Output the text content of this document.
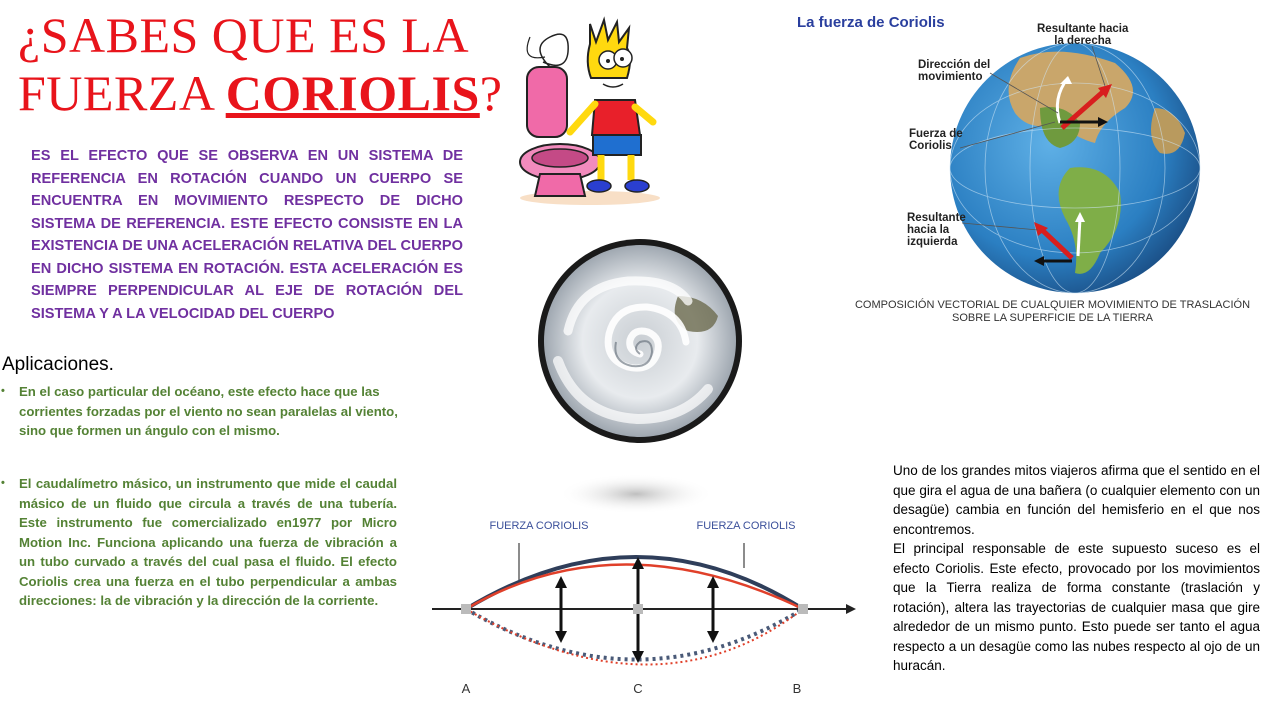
¿SABES QUE ES LA
FUERZA CORIOLIS?
ES EL EFECTO QUE SE OBSERVA EN UN SISTEMA DE REFERENCIA EN ROTACIÓN CUANDO UN CUERPO SE ENCUENTRA EN MOVIMIENTO RESPECTO DE DICHO SISTEMA DE REFERENCIA. ESTE EFECTO CONSISTE EN LA EXISTENCIA DE UNA ACELERACIÓN RELATIVA DEL CUERPO EN DICHO SISTEMA EN ROTACIÓN. ESTA ACELERACIÓN ES SIEMPRE PERPENDICULAR AL EJE DE ROTACIÓN DEL SISTEMA Y A LA VELOCIDAD DEL CUERPO
La fuerza de Coriolis	Resultante hacia
la derecha
Dirección del
movimiento
Fuerza de
Coriolis
Resultante
hacia la
izquierda
COMPOSICIÓN VECTORIAL DE CUALQUIER MOVIMIENTO DE TRASLACIÓN
SOBRE LA SUPERFICIE DE LA TIERRA
Aplicaciones.
• En el caso particular del océano, este efecto hace que las corrientes forzadas por el viento no sean paralelas al viento, sino que formen un ángulo con el mismo.
• El caudalímetro másico, un instrumento que mide el caudal másico de un fluido que circula a través de una tubería. Este instrumento fue comercializado en1977 por Micro Motion Inc. Funciona aplicando una fuerza de vibración a un tubo curvado a través del cual pasa el fluido. El efecto Coriolis crea una fuerza en el tubo perpendicular a ambas direcciones: la de vibración y la dirección de la corriente.
FUERZA CORIOLIS	FUERZA CORIOLIS
A	C	B
Uno de los grandes mitos viajeros afirma que el sentido en el que gira el agua de una bañera (o cualquier elemento con un desagüe) cambia en función del hemisferio en el que nos encontremos.
El principal responsable de este supuesto suceso es el efecto Coriolis. Este efecto, provocado por los movimientos que la Tierra realiza de forma constante (traslación y rotación), altera las trayectorias de cualquier masa que gire alrededor de un mismo punto. Esto puede ser tanto el agua respecto a un desagüe como las nubes respecto al ojo de un huracán.
